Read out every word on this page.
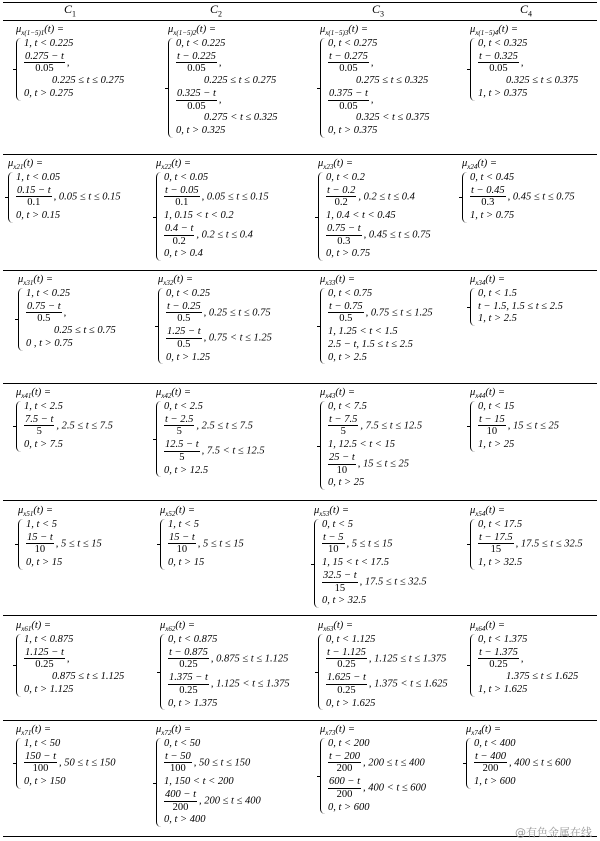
$C_1$	$C_2$	$C_3$	$C_4$
$\mu_{x(1-5)1}(t)$ =
1, t < 0.225
$\frac{0.275 - t}{0.05}$ ,
0.225 ≤ t ≤ 0.275
0, t > 0.275
$\mu_{x(1-5)2}(t)$ =
0, t < 0.225
$\frac{t - 0.225}{0.05}$ ,
0.225 ≤ t ≤ 0.275
$\frac{0.325 - t}{0.05}$ ,
0.275 < t ≤ 0.325
0, t > 0.325
$\mu_{x(1-5)3}(t)$ =
0, t < 0.275
$\frac{t - 0.275}{0.05}$ ,
0.275 ≤ t ≤ 0.325
$\frac{0.375 - t}{0.05}$ ,
0.325 < t ≤ 0.375
0, t > 0.375
$\mu_{x(1-5)4}(t)$ =
0, t < 0.325
$\frac{t - 0.325}{0.05}$ ,
0.325 ≤ t ≤ 0.375
1, t > 0.375
$\mu_{x21}(t)$ =
1, t < 0.05
$\frac{0.15 - t}{0.1}$ , 0.05 ≤ t ≤ 0.15
0, t > 0.15
$\mu_{x22}(t)$ =
0, t < 0.05
$\frac{t - 0.05}{0.1}$ , 0.05 ≤ t ≤ 0.15
1, 0.15 < t < 0.2
$\frac{0.4 - t}{0.2}$ , 0.2 ≤ t ≤ 0.4
0, t > 0.4
$\mu_{x23}(t)$ =
0, t < 0.2
$\frac{t - 0.2}{0.2}$ , 0.2 ≤ t ≤ 0.4
1, 0.4 < t < 0.45
$\frac{0.75 - t}{0.3}$ , 0.45 ≤ t ≤ 0.75
0, t > 0.75
$\mu_{x24}(t)$ =
0, t < 0.45
$\frac{t - 0.45}{0.3}$ , 0.45 ≤ t ≤ 0.75
1, t > 0.75
$\mu_{x31}(t)$ =
1, t < 0.25
$\frac{0.75 - t}{0.5}$ ,
0.25 ≤ t ≤ 0.75
0 , t > 0.75
$\mu_{x32}(t)$ =
0, t < 0.25
$\frac{t - 0.25}{0.5}$ , 0.25 ≤ t ≤ 0.75
$\frac{1.25 - t}{0.5}$ , 0.75 < t ≤ 1.25
0, t > 1.25
$\mu_{x33}(t)$ =
0, t < 0.75
$\frac{t - 0.75}{0.5}$ , 0.75 ≤ t ≤ 1.25
1, 1.25 < t < 1.5
2.5 − t, 1.5 ≤ t ≤ 2.5
0, t > 2.5
$\mu_{x34}(t)$ =
0, t < 1.5
t − 1.5, 1.5 ≤ t ≤ 2.5
1, t > 2.5
$\mu_{x41}(t)$ =
1, t < 2.5
$\frac{7.5 - t}{5}$ , 2.5 ≤ t ≤ 7.5
0, t > 7.5
$\mu_{x42}(t)$ =
0, t < 2.5
$\frac{t - 2.5}{5}$ , 2.5 ≤ t ≤ 7.5
$\frac{12.5 - t}{5}$ , 7.5 < t ≤ 12.5
0, t > 12.5
$\mu_{x43}(t)$ =
0, t < 7.5
$\frac{t - 7.5}{5}$ , 7.5 ≤ t ≤ 12.5
1, 12.5 < t < 15
$\frac{25 - t}{10}$ , 15 ≤ t ≤ 25
0, t > 25
$\mu_{x44}(t)$ =
0, t < 15
$\frac{t - 15}{10}$ , 15 ≤ t ≤ 25
1, t > 25
$\mu_{x51}(t)$ =
1, t < 5
$\frac{15 - t}{10}$ , 5 ≤ t ≤ 15
0, t > 15
$\mu_{x52}(t)$ =
1, t < 5
$\frac{15 - t}{10}$ , 5 ≤ t ≤ 15
0, t > 15
$\mu_{x53}(t)$ =
0, t < 5
$\frac{t - 5}{10}$ , 5 ≤ t ≤ 15
1, 15 < t < 17.5
$\frac{32.5 - t}{15}$ , 17.5 ≤ t ≤ 32.5
0, t > 32.5
$\mu_{x54}(t)$ =
0, t < 17.5
$\frac{t - 17.5}{15}$ , 17.5 ≤ t ≤ 32.5
1, t > 32.5
$\mu_{x61}(t)$ =
1, t < 0.875
$\frac{1.125 - t}{0.25}$ ,
0.875 ≤ t ≤ 1.125
0, t > 1.125
$\mu_{x62}(t)$ =
0, t < 0.875
$\frac{t - 0.875}{0.25}$ , 0.875 ≤ t ≤ 1.125
$\frac{1.375 - t}{0.25}$ , 1.125 < t ≤ 1.375
0, t > 1.375
$\mu_{x63}(t)$ =
0, t < 1.125
$\frac{t - 1.125}{0.25}$ , 1.125 ≤ t ≤ 1.375
$\frac{1.625 - t}{0.25}$ , 1.375 < t ≤ 1.625
0, t > 1.625
$\mu_{x64}(t)$ =
0, t < 1.375
$\frac{t - 1.375}{0.25}$ ,
1.375 ≤ t ≤ 1.625
1, t > 1.625
$\mu_{x71}(t)$ =
1, t < 50
$\frac{150 - t}{100}$ , 50 ≤ t ≤ 150
0, t > 150
$\mu_{x72}(t)$ =
0, t < 50
$\frac{t - 50}{100}$ , 50 ≤ t ≤ 150
1, 150 < t < 200
$\frac{400 - t}{200}$ , 200 ≤ t ≤ 400
0, t > 400
$\mu_{x73}(t)$ =
0, t < 200
$\frac{t - 200}{200}$ , 200 ≤ t ≤ 400
$\frac{600 - t}{200}$ , 400 < t ≤ 600
0, t > 600
$\mu_{x74}(t)$ =
0, t < 400
$\frac{t - 400}{200}$ , 400 ≤ t ≤ 600
1, t > 600
@有色金属在线
